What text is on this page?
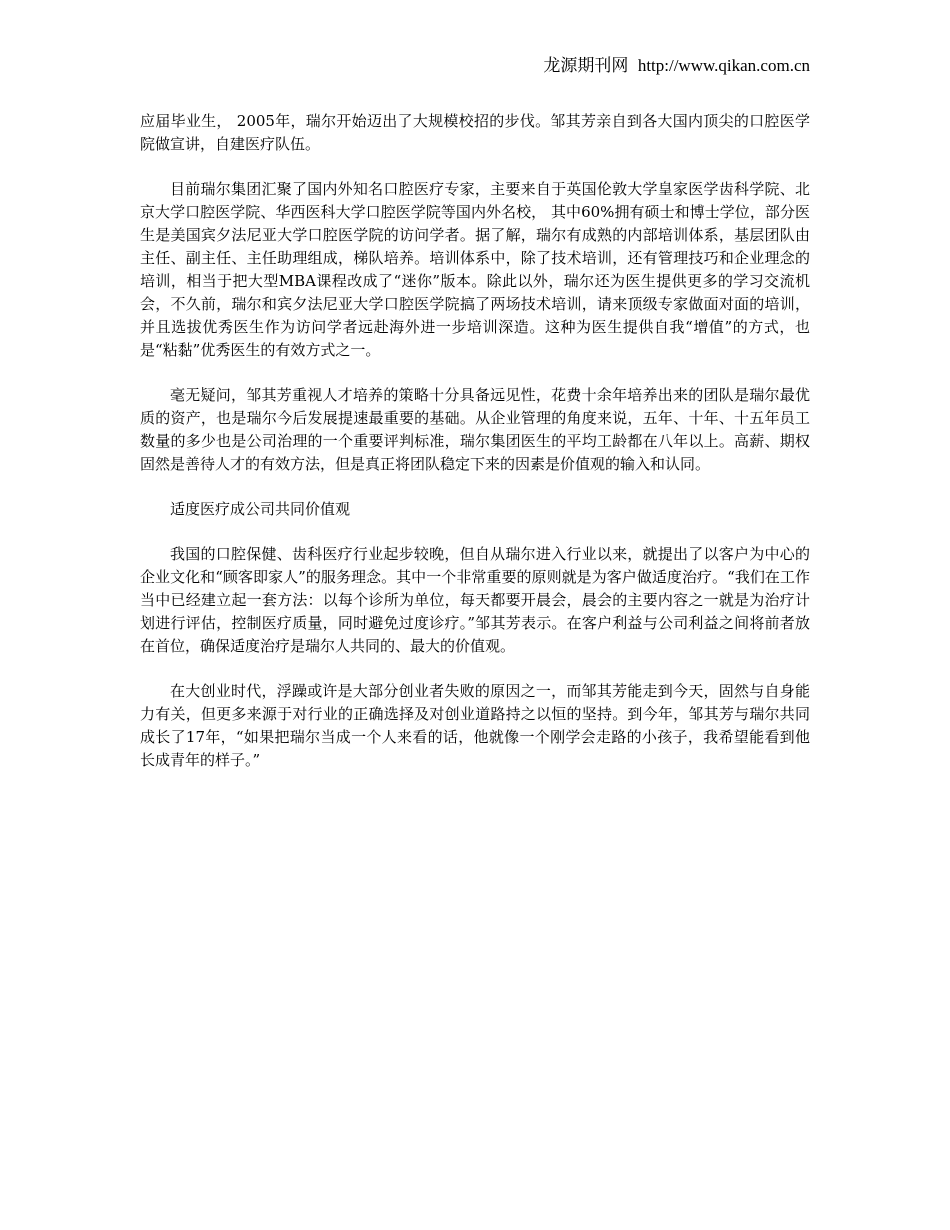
龙源期刊网 http://www.qikan.com.cn

应届毕业生， 2005年，瑞尔开始迈出了大规模校招的步伐。邹其芳亲自到各大国内顶尖的口腔医学院做宣讲，自建医疗队伍。

目前瑞尔集团汇聚了国内外知名口腔医疗专家，主要来自于英国伦敦大学皇家医学齿科学院、北京大学口腔医学院、华西医科大学口腔医学院等国内外名校， 其中60%拥有硕士和博士学位，部分医生是美国宾夕法尼亚大学口腔医学院的访问学者。据了解，瑞尔有成熟的内部培训体系，基层团队由主任、副主任、主任助理组成，梯队培养。培训体系中，除了技术培训，还有管理技巧和企业理念的培训，相当于把大型MBA课程改成了“迷你”版本。除此以外，瑞尔还为医生提供更多的学习交流机会，不久前，瑞尔和宾夕法尼亚大学口腔医学院搞了两场技术培训，请来顶级专家做面对面的培训，并且选拔优秀医生作为访问学者远赴海外进一步培训深造。这种为医生提供自我“增值”的方式，也是“粘黏”优秀医生的有效方式之一。

毫无疑问，邹其芳重视人才培养的策略十分具备远见性，花费十余年培养出来的团队是瑞尔最优质的资产，也是瑞尔今后发展提速最重要的基础。从企业管理的角度来说，五年、十年、十五年员工数量的多少也是公司治理的一个重要评判标准，瑞尔集团医生的平均工龄都在八年以上。高薪、期权固然是善待人才的有效方法，但是真正将团队稳定下来的因素是价值观的输入和认同。

适度医疗成公司共同价值观

我国的口腔保健、齿科医疗行业起步较晚，但自从瑞尔进入行业以来，就提出了以客户为中心的企业文化和“顾客即家人”的服务理念。其中一个非常重要的原则就是为客户做适度治疗。“我们在工作当中已经建立起一套方法：以每个诊所为单位，每天都要开晨会，晨会的主要内容之一就是为治疗计划进行评估，控制医疗质量，同时避免过度诊疗。”邹其芳表示。在客户利益与公司利益之间将前者放在首位，确保适度治疗是瑞尔人共同的、最大的价值观。

在大创业时代，浮躁或许是大部分创业者失败的原因之一，而邹其芳能走到今天，固然与自身能力有关，但更多来源于对行业的正确选择及对创业道路持之以恒的坚持。到今年，邹其芳与瑞尔共同成长了17年，“如果把瑞尔当成一个人来看的话，他就像一个刚学会走路的小孩子，我希望能看到他长成青年的样子。”
